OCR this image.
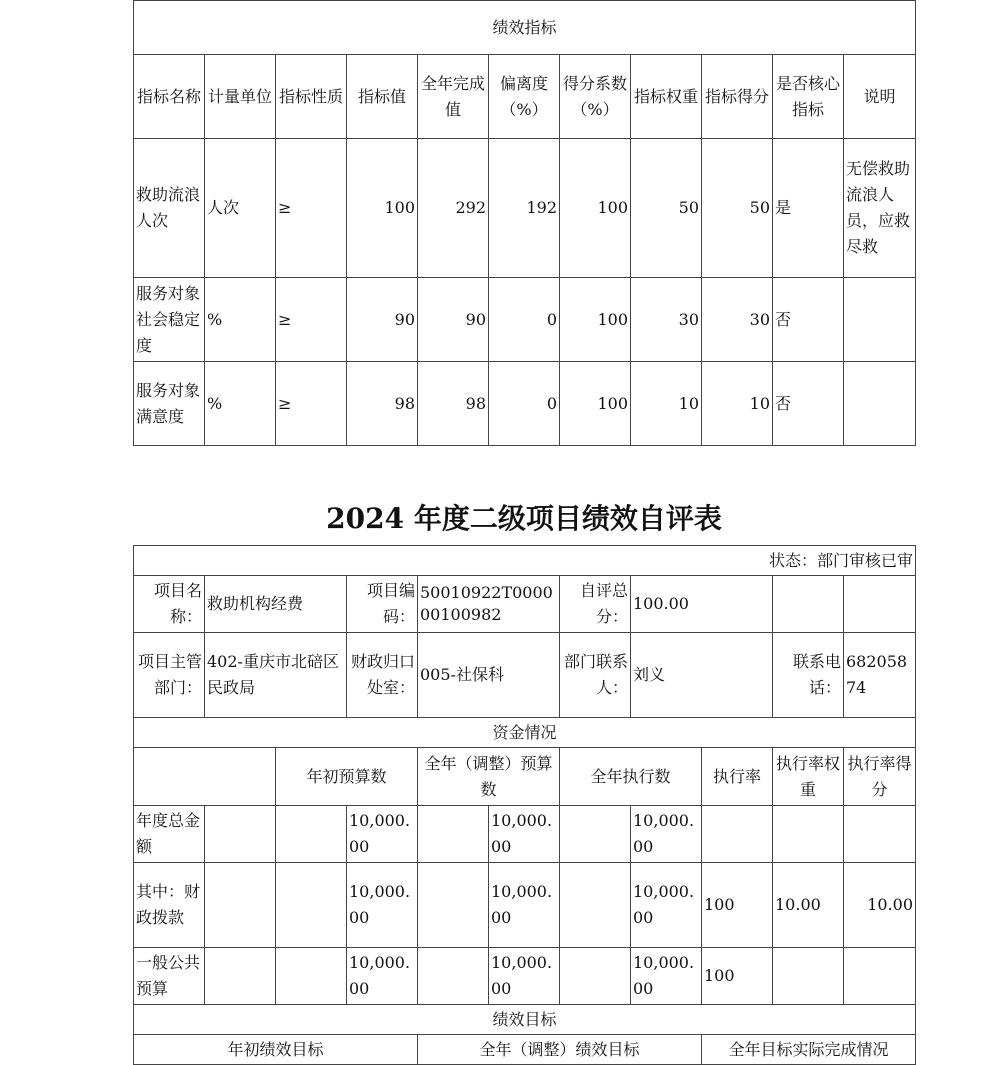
绩效指标										
指标名称	计量单位	指标性质	指标值	全年完成值	偏离度（%）	得分系数（%）	指标权重	指标得分	是否核心指标	说明
救助流浪人次	人次	≥	100	292	192	100	50	50	是	无偿救助流浪人员，应救尽救
服务对象社会稳定度	%	≥	90	90	0	100	30	30	否	
服务对象满意度	%	≥	98	98	0	100	10	10	否	
2024 年度二级项目绩效自评表
状态：部门审核已审										
项目名称：	救助机构经费		项目编码：	50010922T000000100982		自评总分：	100.00			
项目主管部门：	402-重庆市北碚区民政局		财政归口处室：	005-社保科		部门联系人：	刘义		联系电话：	68205874
资金情况										
		年初预算数		全年（调整）预算数		全年执行数		执行率	执行率权重	执行率得分
年度总金额			10,000.00		10,000.00		10,000.00			
其中：财政拨款			10,000.00		10,000.00		10,000.00	100	10.00	10.00
一般公共预算			10,000.00		10,000.00		10,000.00	100		
绩效目标										
年初绩效目标				全年（调整）绩效目标				全年目标实际完成情况		
